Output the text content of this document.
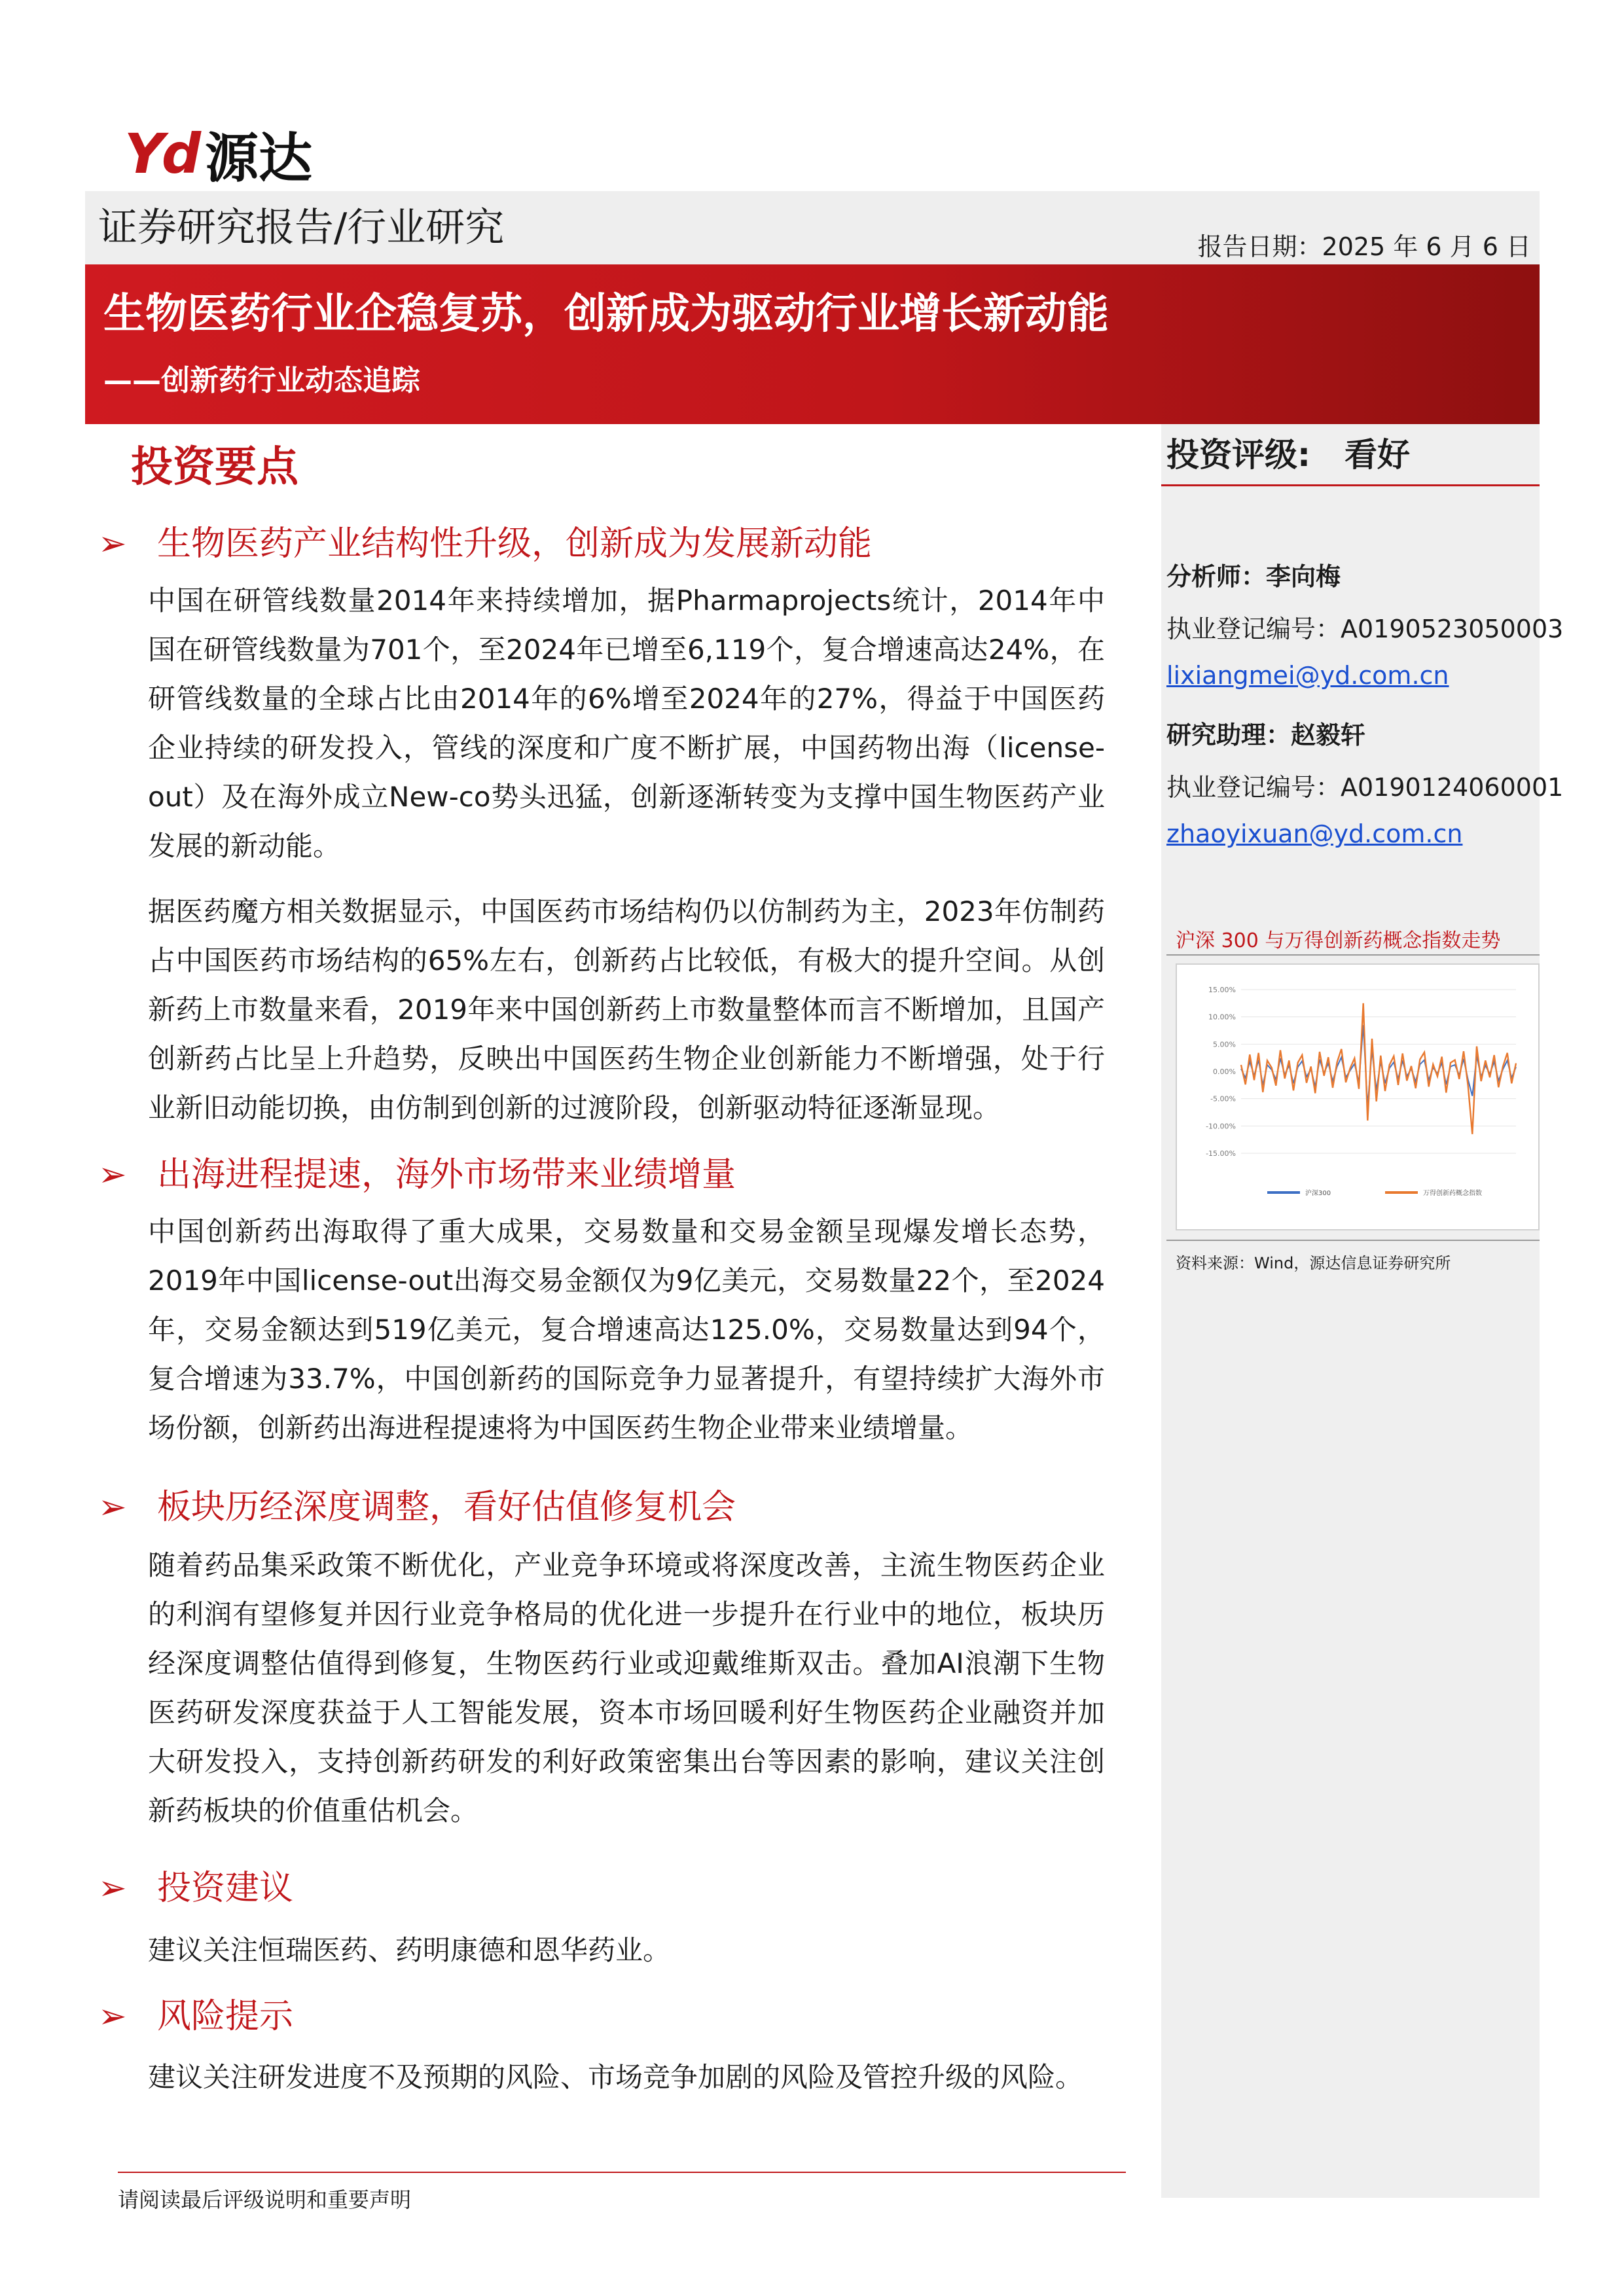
Yd 源达
证券研究报告/行业研究	报告日期：2025 年 6 月 6 日
生物医药行业企稳复苏，创新成为驱动行业增长新动能
——创新药行业动态追踪
投资评级: 看好
分析师：李向梅
执业登记编号：A0190523050003
lixiangmei@yd.com.cn
研究助理：赵毅轩
执业登记编号：A0190124060001
zhaoyixuan@yd.com.cn
沪深 300 与万得创新药概念指数走势
15.00%
10.00%
5.00%
0.00%
-5.00%
-10.00%
-15.00%
沪深300	万得创新药概念指数
资料来源：Wind，源达信息证券研究所
投资要点
➢ 生物医药产业结构性升级，创新成为发展新动能
中国在研管线数量2014年来持续增加，据Pharmaprojects统计，2014年中国在研管线数量为701个，至2024年已增至6,119个，复合增速高达24%，在研管线数量的全球占比由2014年的6%增至2024年的27%，得益于中国医药企业持续的研发投入，管线的深度和广度不断扩展，中国药物出海（license-out）及在海外成立New-co势头迅猛，创新逐渐转变为支撑中国生物医药产业发展的新动能。
据医药魔方相关数据显示，中国医药市场结构仍以仿制药为主，2023年仿制药占中国医药市场结构的65%左右，创新药占比较低，有极大的提升空间。从创新药上市数量来看，2019年来中国创新药上市数量整体而言不断增加，且国产创新药占比呈上升趋势，反映出中国医药生物企业创新能力不断增强，处于行业新旧动能切换，由仿制到创新的过渡阶段，创新驱动特征逐渐显现。
➢ 出海进程提速，海外市场带来业绩增量
中国创新药出海取得了重大成果，交易数量和交易金额呈现爆发增长态势，2019年中国license-out出海交易金额仅为9亿美元，交易数量22个，至2024年，交易金额达到519亿美元，复合增速高达125.0%，交易数量达到94个，复合增速为33.7%，中国创新药的国际竞争力显著提升，有望持续扩大海外市场份额，创新药出海进程提速将为中国医药生物企业带来业绩增量。
➢ 板块历经深度调整，看好估值修复机会
随着药品集采政策不断优化，产业竞争环境或将深度改善，主流生物医药企业的利润有望修复并因行业竞争格局的优化进一步提升在行业中的地位，板块历经深度调整估值得到修复，生物医药行业或迎戴维斯双击。叠加AI浪潮下生物医药研发深度获益于人工智能发展，资本市场回暖利好生物医药企业融资并加大研发投入，支持创新药研发的利好政策密集出台等因素的影响，建议关注创新药板块的价值重估机会。
➢ 投资建议
建议关注恒瑞医药、药明康德和恩华药业。
➢ 风险提示
建议关注研发进度不及预期的风险、市场竞争加剧的风险及管控升级的风险。
请阅读最后评级说明和重要声明
